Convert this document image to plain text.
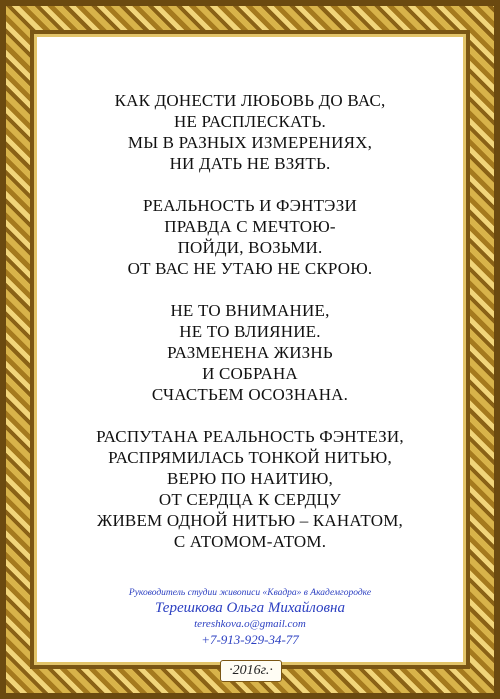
КАК ДОНЕСТИ ЛЮБОВЬ ДО ВАС,
НЕ РАСПЛЕСКАТЬ.
МЫ В РАЗНЫХ ИЗМЕРЕНИЯХ,
НИ ДАТЬ НЕ ВЗЯТЬ.
РЕАЛЬНОСТЬ И ФЭНТЭЗИ
ПРАВДА С МЕЧТОЮ-
ПОЙДИ, ВОЗЬМИ.
ОТ ВАС НЕ УТАЮ НЕ СКРОЮ.
НЕ ТО ВНИМАНИЕ,
НЕ ТО ВЛИЯНИЕ.
РАЗМЕНЕНА ЖИЗНЬ
И СОБРАНА
СЧАСТЬЕМ ОСОЗНАНА.
РАСПУТАНА РЕАЛЬНОСТЬ ФЭНТЕЗИ,
РАСПРЯМИЛАСЬ ТОНКОЙ НИТЬЮ,
ВЕРЮ ПО НАИТИЮ,
ОТ СЕРДЦА К СЕРДЦУ
ЖИВЕМ ОДНОЙ НИТЬЮ – КАНАТОМ,
С АТОМОМ-АТОМ.
Руководитель студии живописи «Квадра» в Академгородке
Терешкова Ольга Михайловна
tereshkova.o@gmail.com
+7-913-929-34-77
·2016г.·
